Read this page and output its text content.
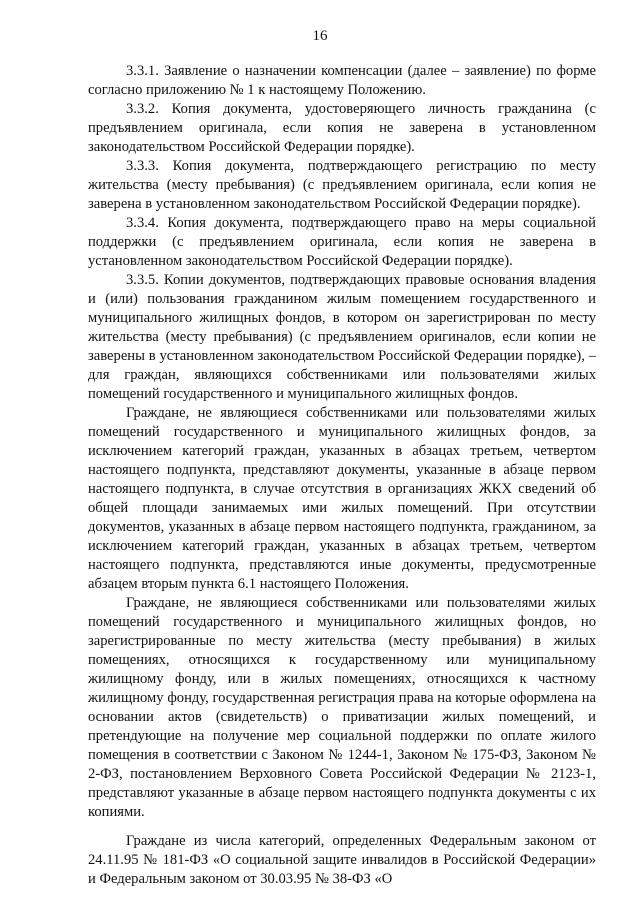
16

3.3.1. Заявление о назначении компенсации (далее – заявление) по форме согласно приложению № 1 к настоящему Положению.

3.3.2. Копия документа, удостоверяющего личность гражданина (с предъявлением оригинала, если копия не заверена в установленном законодательством Российской Федерации порядке).

3.3.3. Копия документа, подтверждающего регистрацию по месту жительства (месту пребывания) (с предъявлением оригинала, если копия не заверена в установленном законодательством Российской Федерации порядке).

3.3.4. Копия документа, подтверждающего право на меры социальной поддержки (с предъявлением оригинала, если копия не заверена в установленном законодательством Российской Федерации порядке).

3.3.5. Копии документов, подтверждающих правовые основания владения и (или) пользования гражданином жилым помещением государственного и муниципального жилищных фондов, в котором он зарегистрирован по месту жительства (месту пребывания) (с предъявлением оригиналов, если копии не заверены в установленном законодательством Российской Федерации порядке), – для граждан, являющихся собственниками или пользователями жилых помещений государственного и муниципального жилищных фондов.

Граждане, не являющиеся собственниками или пользователями жилых помещений государственного и муниципального жилищных фондов, за исключением категорий граждан, указанных в абзацах третьем, четвертом настоящего подпункта, представляют документы, указанные в абзаце первом настоящего подпункта, в случае отсутствия в организациях ЖКХ сведений об общей площади занимаемых ими жилых помещений. При отсутствии документов, указанных в абзаце первом настоящего подпункта, гражданином, за исключением категорий граждан, указанных в абзацах третьем, четвертом настоящего подпункта, представляются иные документы, предусмотренные абзацем вторым пункта 6.1 настоящего Положения.

Граждане, не являющиеся собственниками или пользователями жилых помещений государственного и муниципального жилищных фондов, но зарегистрированные по месту жительства (месту пребывания) в жилых помещениях, относящихся к государственному или муниципальному жилищному фонду, или в жилых помещениях, относящихся к частному жилищному фонду, государственная регистрация права на которые оформлена на основании актов (свидетельств) о приватизации жилых помещений, и претендующие на получение мер социальной поддержки по оплате жилого помещения в соответствии с Законом № 1244-1, Законом № 175-ФЗ, Законом № 2-ФЗ, постановлением Верховного Совета Российской Федерации № 2123-1, представляют указанные в абзаце первом настоящего подпункта документы с их копиями.

Граждане из числа категорий, определенных Федеральным законом от 24.11.95 № 181-ФЗ «О социальной защите инвалидов в Российской Федерации» и Федеральным законом от 30.03.95 № 38-ФЗ «О
